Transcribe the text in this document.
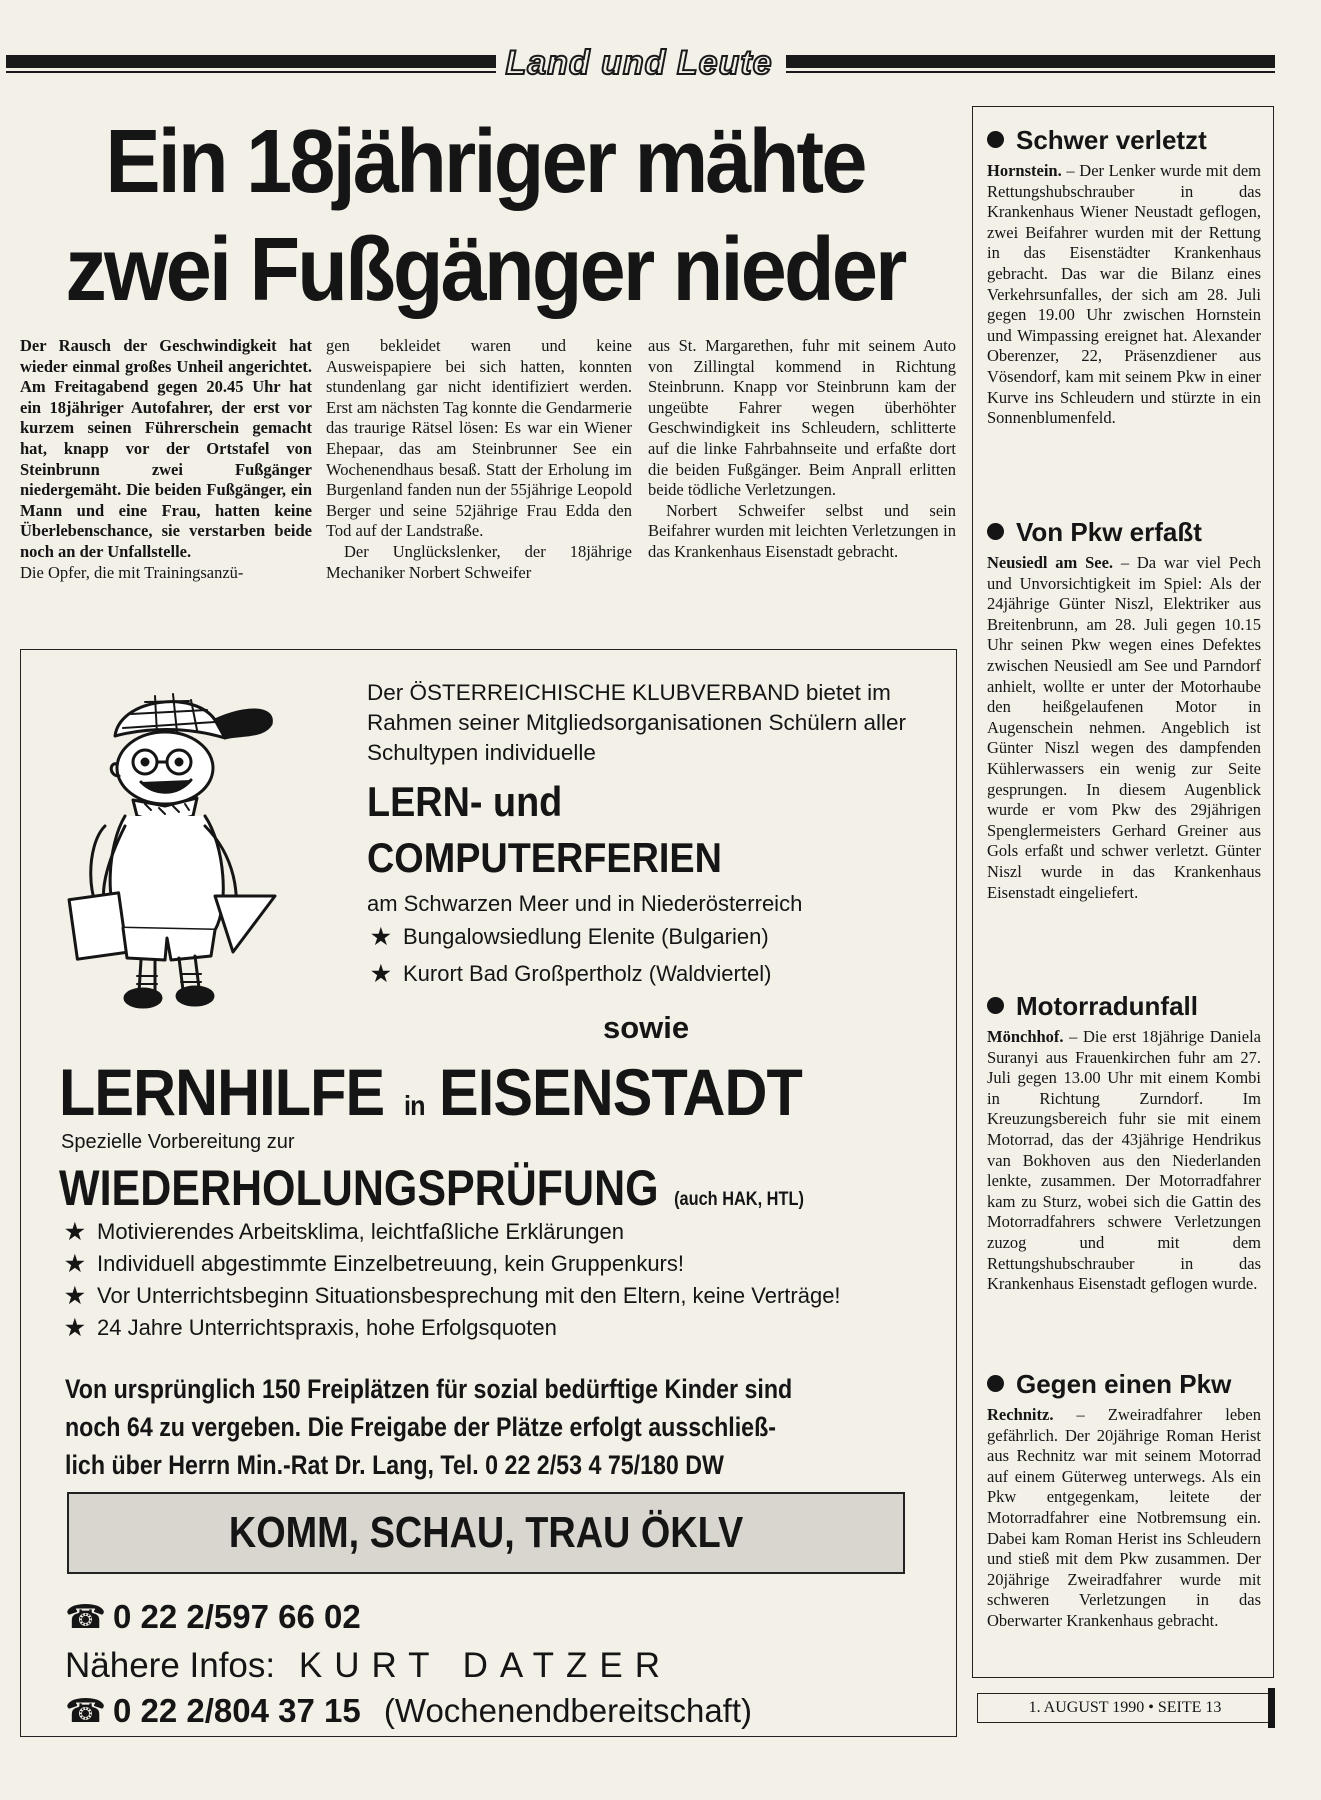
Land und Leute
Ein 18jähriger mähte
zwei Fußgänger nieder

Der Rausch der Geschwindigkeit hat wieder einmal großes Unheil angerichtet. Am Freitagabend gegen 20.45 Uhr hat ein 18jähriger Autofahrer, der erst vor kurzem seinen Führerschein gemacht hat, knapp vor der Ortstafel von Steinbrunn zwei Fußgänger niedergemäht. Die beiden Fußgänger, ein Mann und eine Frau, hatten keine Überlebenschance, sie verstarben beide noch an der Unfallstelle.

Die Opfer, die mit Trainingsanzü-

gen bekleidet waren und keine Ausweispapiere bei sich hatten, konnten stundenlang gar nicht identifiziert werden. Erst am nächsten Tag konnte die Gendarmerie das traurige Rätsel lösen: Es war ein Wiener Ehepaar, das am Steinbrunner See ein Wochenendhaus besaß. Statt der Erholung im Burgenland fanden nun der 55jährige Leopold Berger und seine 52jährige Frau Edda den Tod auf der Landstraße.

Der Unglückslenker, der 18jährige Mechaniker Norbert Schweifer

aus St. Margarethen, fuhr mit seinem Auto von Zillingtal kommend in Richtung Steinbrunn. Knapp vor Steinbrunn kam der ungeübte Fahrer wegen überhöhter Geschwindigkeit ins Schleudern, schlitterte auf die linke Fahrbahnseite und erfaßte dort die beiden Fußgänger. Beim Anprall erlitten beide tödliche Verletzungen.

Norbert Schweifer selbst und sein Beifahrer wurden mit leichten Verletzungen in das Krankenhaus Eisenstadt gebracht.

Schwer verletzt

Hornstein. – Der Lenker wurde mit dem Rettungshubschrauber in das Krankenhaus Wiener Neustadt geflogen, zwei Beifahrer wurden mit der Rettung in das Eisenstädter Krankenhaus gebracht. Das war die Bilanz eines Verkehrsunfalles, der sich am 28. Juli gegen 19.00 Uhr zwischen Hornstein und Wimpassing ereignet hat. Alexander Oberenzer, 22, Präsenzdiener aus Vösendorf, kam mit seinem Pkw in einer Kurve ins Schleudern und stürzte in ein Sonnenblumenfeld.

Von Pkw erfaßt

Neusiedl am See. – Da war viel Pech und Unvorsichtigkeit im Spiel: Als der 24jährige Günter Niszl, Elektriker aus Breitenbrunn, am 28. Juli gegen 10.15 Uhr seinen Pkw wegen eines Defektes zwischen Neusiedl am See und Parndorf anhielt, wollte er unter der Motorhaube den heißgelaufenen Motor in Augenschein nehmen. Angeblich ist Günter Niszl wegen des dampfenden Kühlerwassers ein wenig zur Seite gesprungen. In diesem Augenblick wurde er vom Pkw des 29jährigen Spenglermeisters Gerhard Greiner aus Gols erfaßt und schwer verletzt. Günter Niszl wurde in das Krankenhaus Eisenstadt eingeliefert.

Motorradunfall

Mönchhof. – Die erst 18jährige Daniela Suranyi aus Frauenkirchen fuhr am 27. Juli gegen 13.00 Uhr mit einem Kombi in Richtung Zurndorf. Im Kreuzungsbereich fuhr sie mit einem Motorrad, das der 43jährige Hendrikus van Bokhoven aus den Niederlanden lenkte, zusammen. Der Motorradfahrer kam zu Sturz, wobei sich die Gattin des Motorradfahrers schwere Verletzungen zuzog und mit dem Rettungshubschrauber in das Krankenhaus Eisenstadt geflogen wurde.

Gegen einen Pkw

Rechnitz. – Zweiradfahrer leben gefährlich. Der 20jährige Roman Herist aus Rechnitz war mit seinem Motorrad auf einem Güterweg unterwegs. Als ein Pkw entgegenkam, leitete der Motorradfahrer eine Notbremsung ein. Dabei kam Roman Herist ins Schleudern und stieß mit dem Pkw zusammen. Der 20jährige Zweiradfahrer wurde mit schweren Verletzungen in das Oberwarter Krankenhaus gebracht.

1. AUGUST 1990 • SEITE 13
Der ÖSTERREICHISCHE KLUBVERBAND bietet im
Rahmen seiner Mitgliedsorganisationen Schülern aller
Schultypen individuelle
LERN- und
COMPUTERFERIEN
am Schwarzen Meer und in Niederösterreich
★ Bungalowsiedlung Elenite (Bulgarien)
★ Kurort Bad Großpertholz (Waldviertel)
sowie
LERNHILFE in EISENSTADT
Spezielle Vorbereitung zur
WIEDERHOLUNGSPRÜFUNG (auch HAK, HTL)
★ Motivierendes Arbeitsklima, leichtfaßliche Erklärungen
★ Individuell abgestimmte Einzelbetreuung, kein Gruppenkurs!
★ Vor Unterrichtsbeginn Situationsbesprechung mit den Eltern, keine Verträge!
★ 24 Jahre Unterrichtspraxis, hohe Erfolgsquoten
Von ursprünglich 150 Freiplätzen für sozial bedürftige Kinder sind
noch 64 zu vergeben. Die Freigabe der Plätze erfolgt ausschließ-
lich über Herrn Min.-Rat Dr. Lang, Tel. 0 22 2/53 4 75/180 DW
KOMM, SCHAU, TRAU ÖKLV
☎ 0 22 2/597 66 02
Nähere Infos: KURT DATZER
☎ 0 22 2/804 37 15 (Wochenendbereitschaft)
